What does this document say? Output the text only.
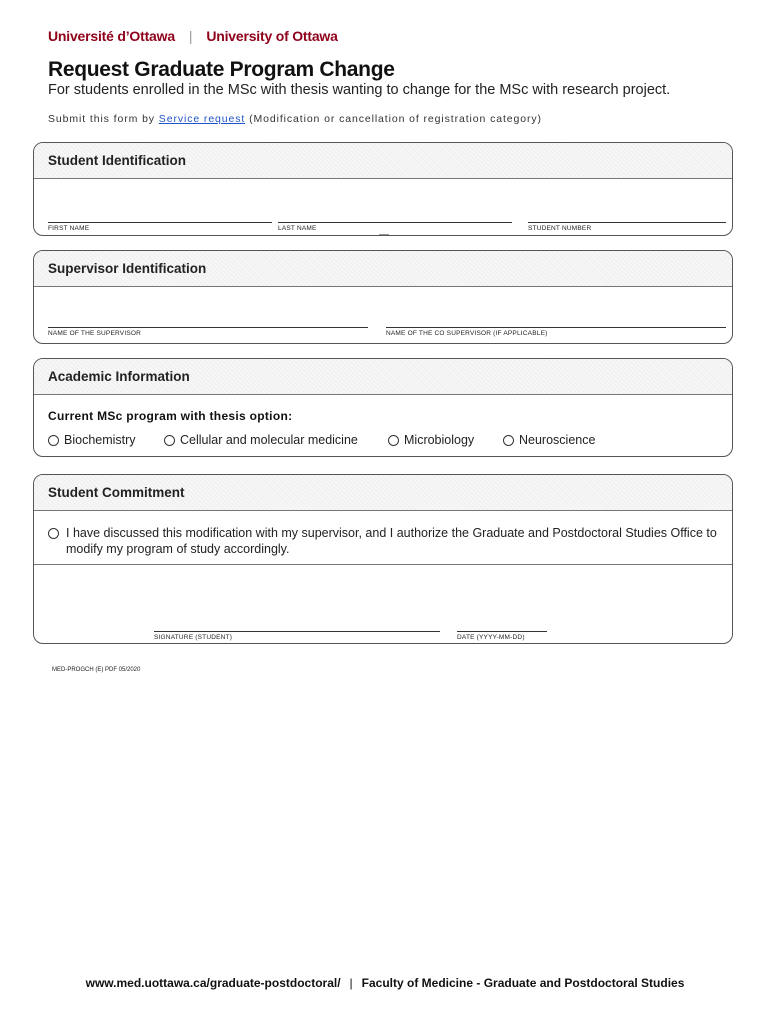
Université d’Ottawa | University of Ottawa
Request Graduate Program Change
For students enrolled in the MSc with thesis wanting to change for the MSc with research project.
Submit this form by Service request (Modification or cancellation of registration category)
Student Identification
FIRST NAME	LAST NAME	STUDENT NUMBER
Supervisor Identification
NAME OF THE SUPERVISOR	NAME OF THE CO SUPERVISOR (IF APPLICABLE)
Academic Information
Current MSc program with thesis option:
Biochemistry	Cellular and molecular medicine	Microbiology	Neuroscience
Student Commitment
I have discussed this modification with my supervisor, and I authorize the Graduate and Postdoctoral Studies Office to modify my program of study accordingly.
SIGNATURE (STUDENT)	DATE (YYYY-MM-DD)
MED-PROGCH (E) PDF 05/2020
www.med.uottawa.ca/graduate-postdoctoral/ | Faculty of Medicine - Graduate and Postdoctoral Studies
